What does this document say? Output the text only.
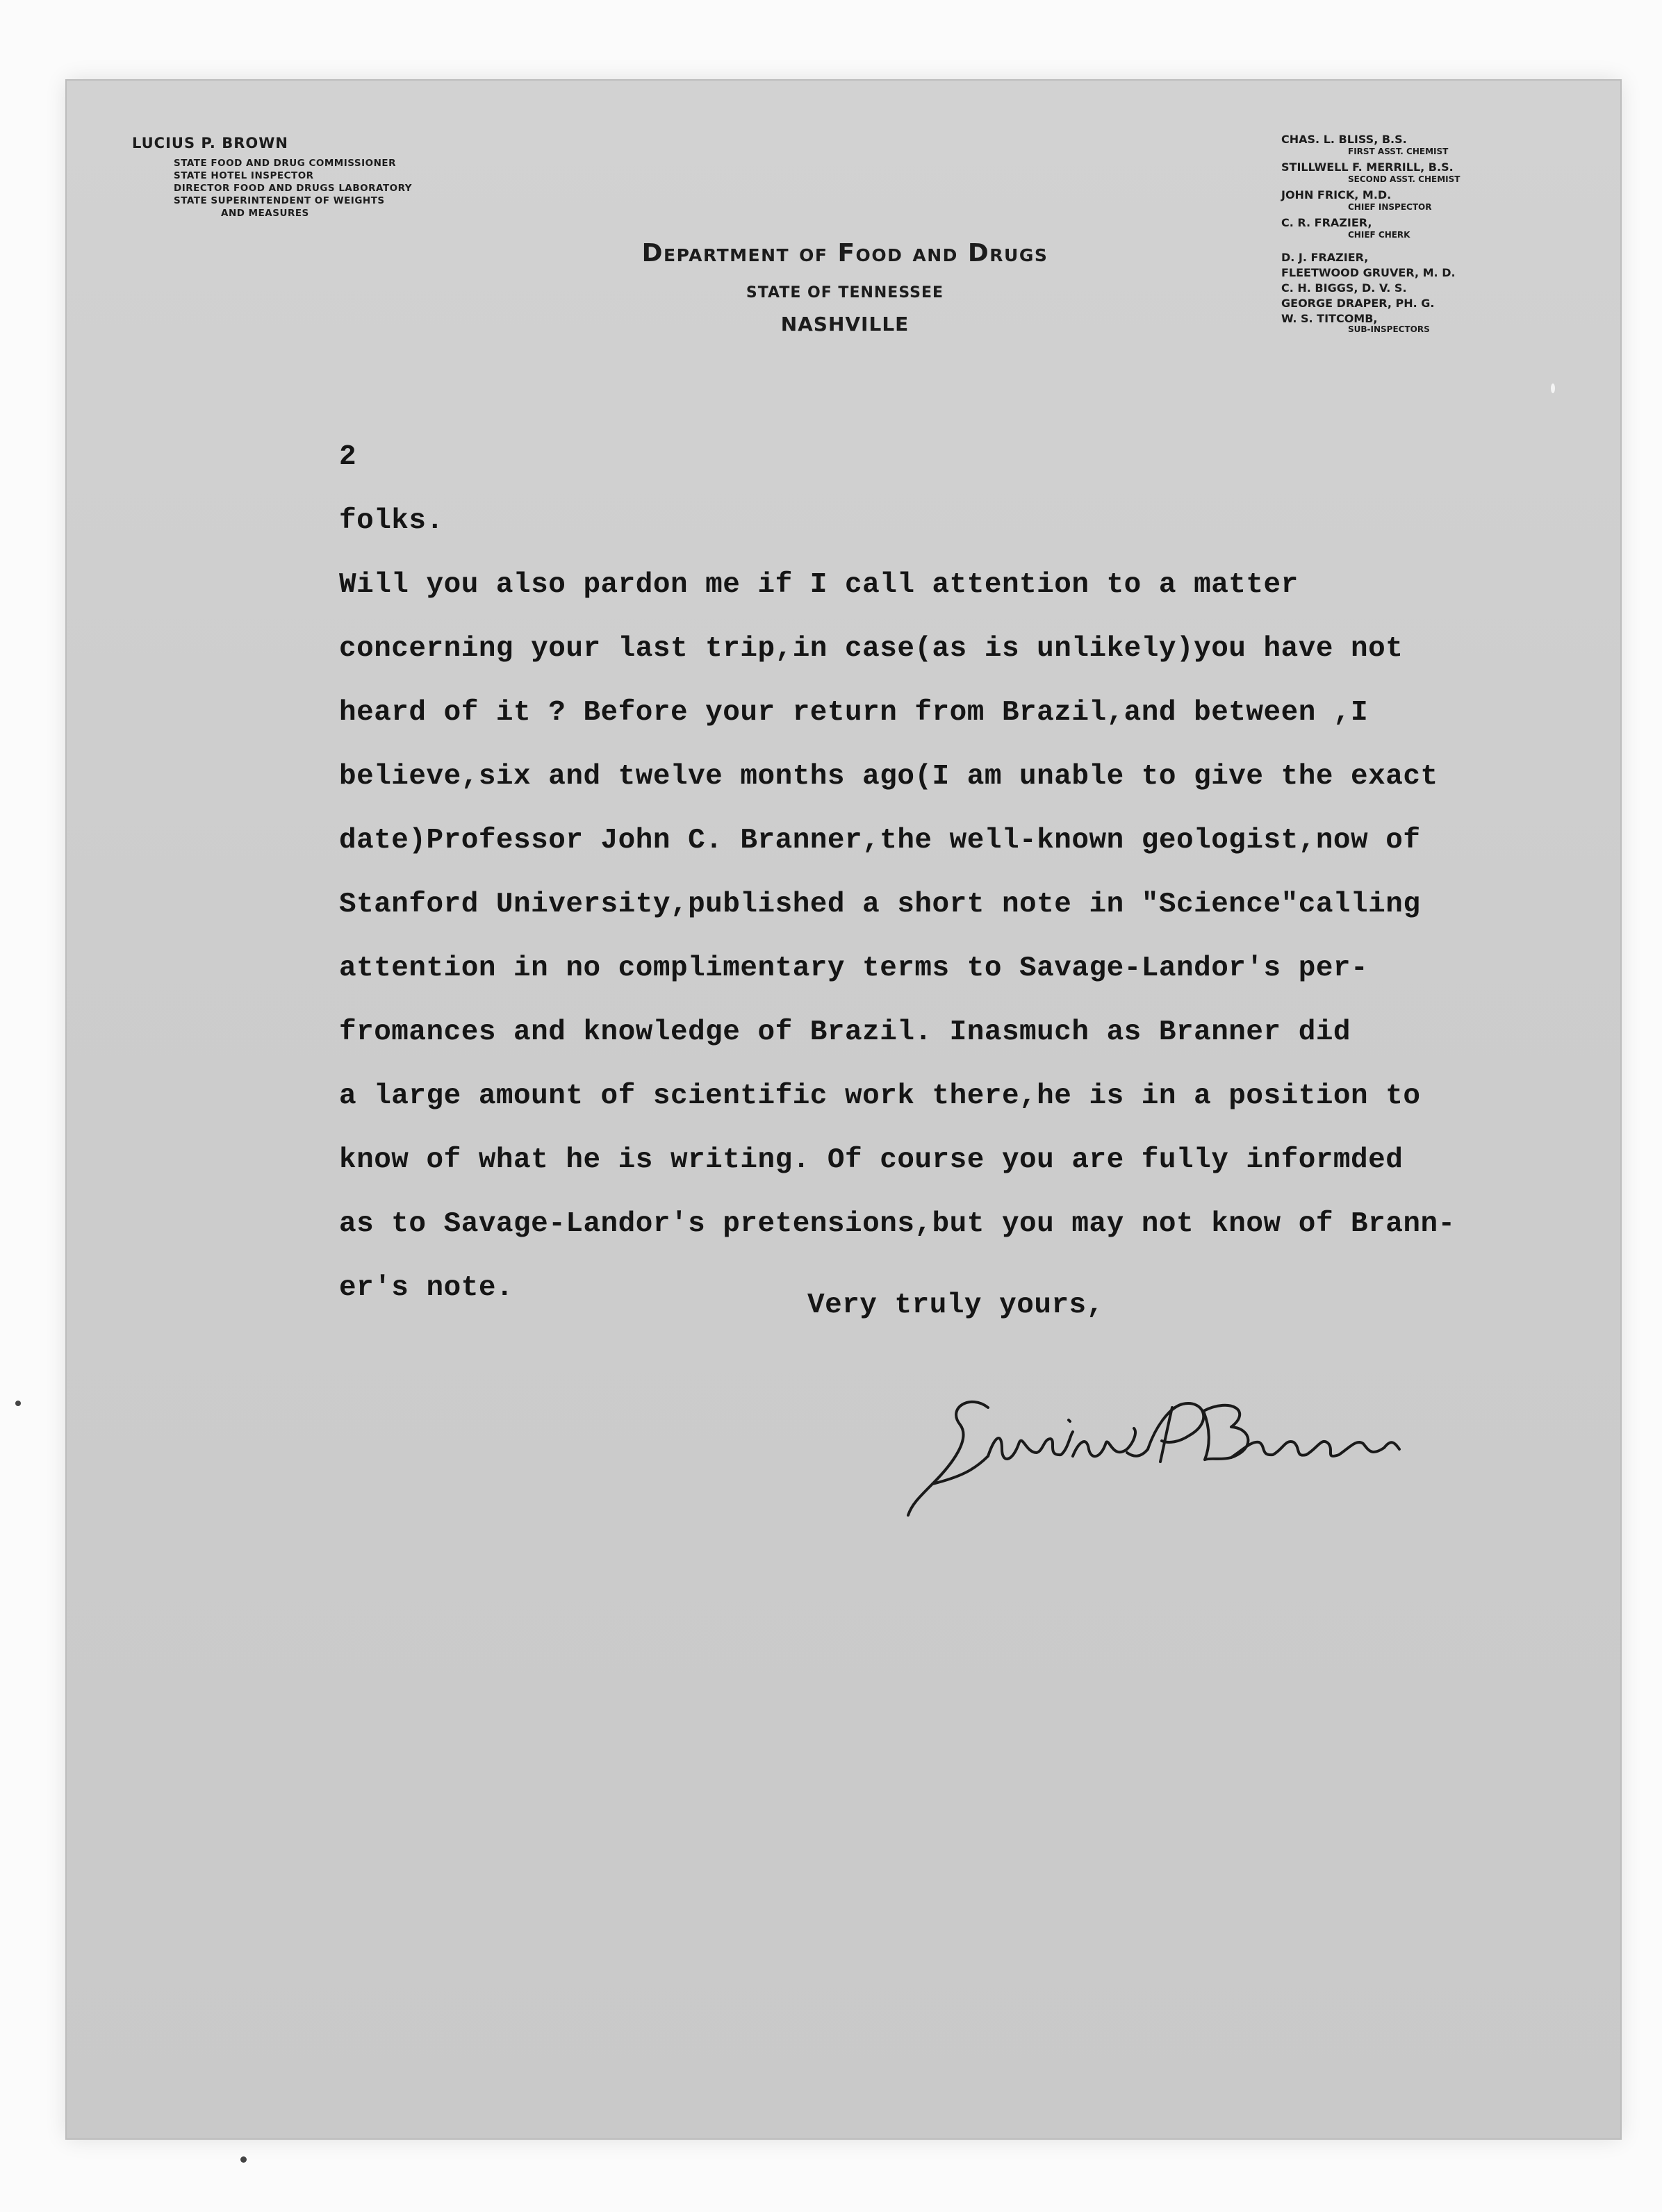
LUCIUS P. BROWN
STATE FOOD AND DRUG COMMISSIONER
STATE HOTEL INSPECTOR
DIRECTOR FOOD AND DRUGS LABORATORY
STATE SUPERINTENDENT OF WEIGHTS
AND MEASURES
Department of Food and Drugs
STATE OF TENNESSEE
NASHVILLE
CHAS. L. BLISS, B.S.
FIRST ASST. CHEMIST
STILLWELL F. MERRILL, B.S.
SECOND ASST. CHEMIST
JOHN FRICK, M.D.
CHIEF INSPECTOR
C. R. FRAZIER,
CHIEF CHERK
D. J. FRAZIER,
FLEETWOOD GRUVER, M. D.
C. H. BIGGS, D. V. S.
GEORGE DRAPER, PH. G.
W. S. TITCOMB,
SUB-INSPECTORS
2
folks.
Will you also pardon me if I call attention to a matter
concerning your last trip,in case(as is unlikely)you have not
heard of it ? Before your return from Brazil,and between ,I
believe,six and twelve months ago(I am unable to give the exact
date)Professor John C. Branner,the well-known geologist,now of
Stanford University,published a short note in "Science"calling
attention in no complimentary terms to Savage-Landor's per-
fromances and knowledge of Brazil. Inasmuch as Branner did
a large amount of scientific work there,he is in a position to
know of what he is writing. Of course you are fully informded
as to Savage-Landor's pretensions,but you may not know of Brann-
er's note.
Very truly yours,
